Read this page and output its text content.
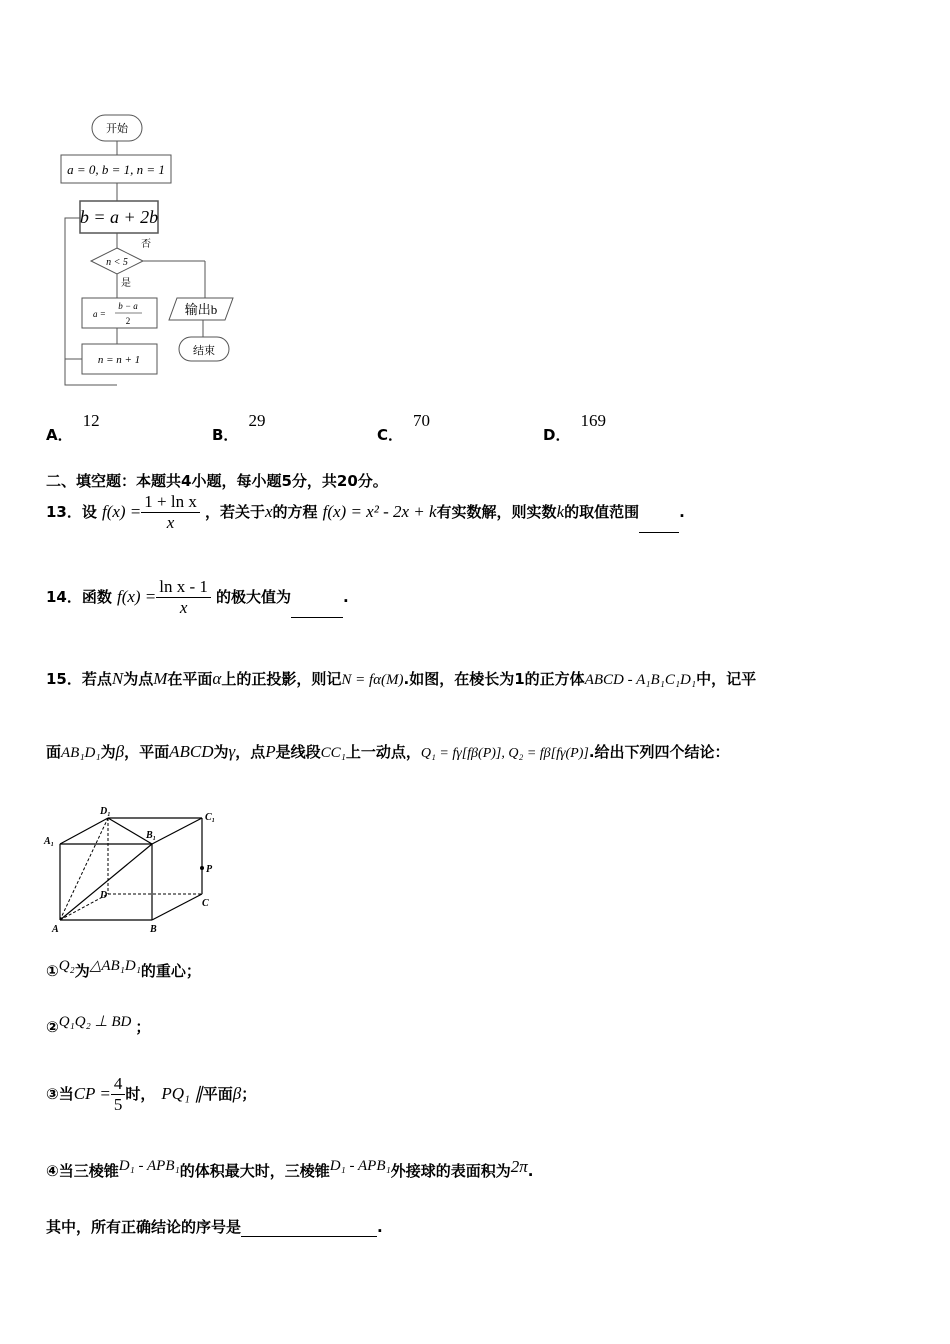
开始
a = 0, b = 1, n = 1
b = a + 2b
n < 5
否
是
a =
b − a
2
n = n + 1
输出b
结束
A．12
B．29
C．70
D．169
二、填空题：本题共4小题，每小题5分，共20分。
13．设 $f(x) = \frac{\text{1 + ln x}}{x}$ ，若关于x的方程 f(x) = x² - 2x + k有实数解，则实数k的取值范围	.
14．函数 $f(x) = \frac{\text{ln x - 1}}{x}$ 的极大值为	.
15．若点N为点M在平面α上的正投影，则记N = fα(M).如图，在棱长为1的正方体ABCD - A₁B₁C₁D₁中，记平
面AB₁D₁为β，平面ABCD为γ，点P是线段CC₁上一动点，Q₁ = fγ[fβ(P)], Q₂ = fβ[fγ(P)].给出下列四个结论：
D₁
C₁
A₁
B₁
P
D
C
A	B
①Q₂为△AB₁D₁的重心；
②Q₁Q₂ ⊥ BD ；
③当CP = $\frac{4}{5}$ 时， PQ₁ ∥平面β；
④当三棱锥D₁ - APB₁的体积最大时，三棱锥D₁ - APB₁外接球的表面积为2π.
其中，所有正确结论的序号是	.
